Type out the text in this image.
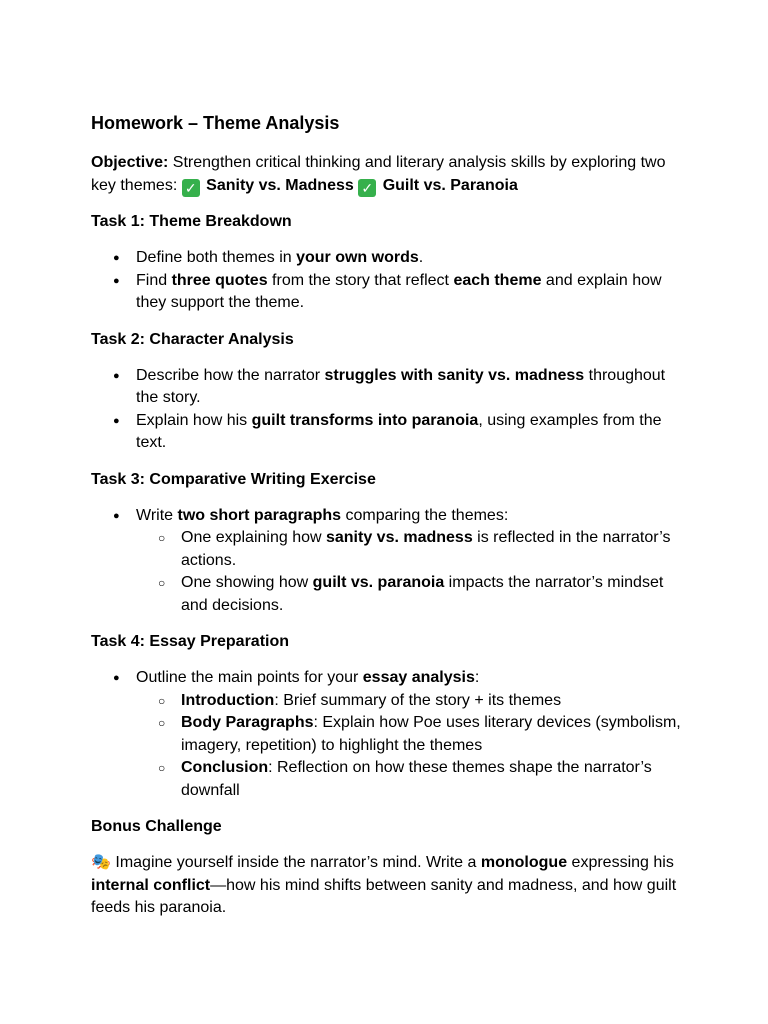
Homework – Theme Analysis

Objective: Strengthen critical thinking and literary analysis skills by exploring two key themes: ✓ Sanity vs. Madness ✓ Guilt vs. Paranoia

Task 1: Theme Breakdown

● Define both themes in your own words.
● Find three quotes from the story that reflect each theme and explain how they support the theme.

Task 2: Character Analysis

● Describe how the narrator struggles with sanity vs. madness throughout the story.
● Explain how his guilt transforms into paranoia, using examples from the text.

Task 3: Comparative Writing Exercise

● Write two short paragraphs comparing the themes:
○ One explaining how sanity vs. madness is reflected in the narrator’s actions.
○ One showing how guilt vs. paranoia impacts the narrator’s mindset and decisions.

Task 4: Essay Preparation

● Outline the main points for your essay analysis:
○ Introduction: Brief summary of the story + its themes
○ Body Paragraphs: Explain how Poe uses literary devices (symbolism, imagery, repetition) to highlight the themes
○ Conclusion: Reflection on how these themes shape the narrator’s downfall

Bonus Challenge

🎭 Imagine yourself inside the narrator’s mind. Write a monologue expressing his internal conflict—how his mind shifts between sanity and madness, and how guilt feeds his paranoia.
